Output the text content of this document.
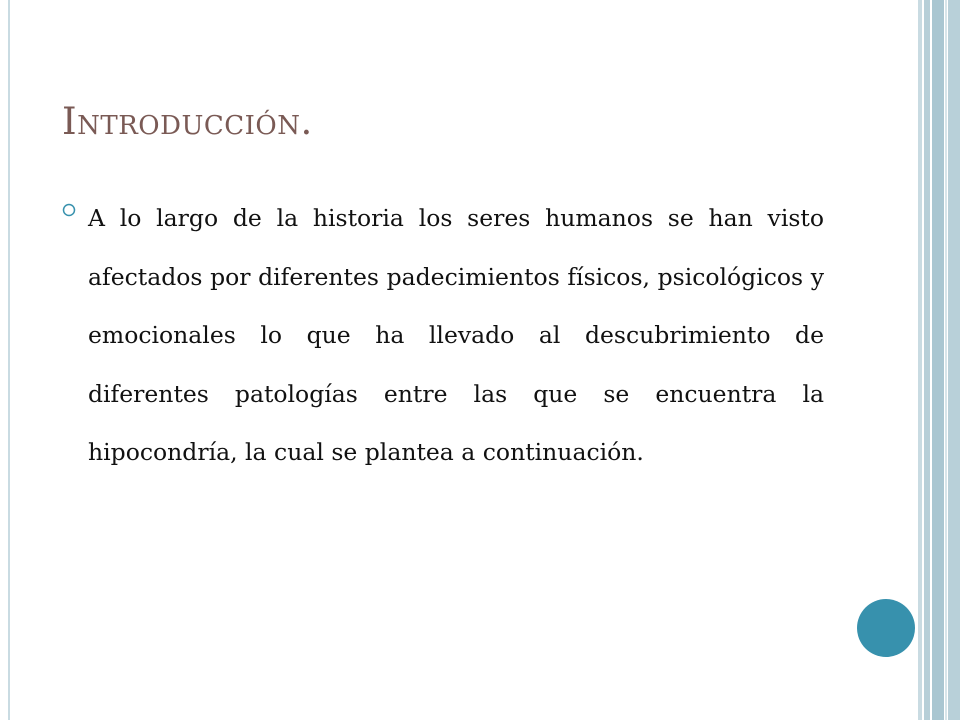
Introducción.
A lo largo de la historia los seres humanos se han visto afectados por diferentes padecimientos físicos, psicológicos y emocionales lo que ha llevado al descubrimiento de diferentes patologías entre las que se encuentra la hipocondría, la cual se plantea a continuación.
